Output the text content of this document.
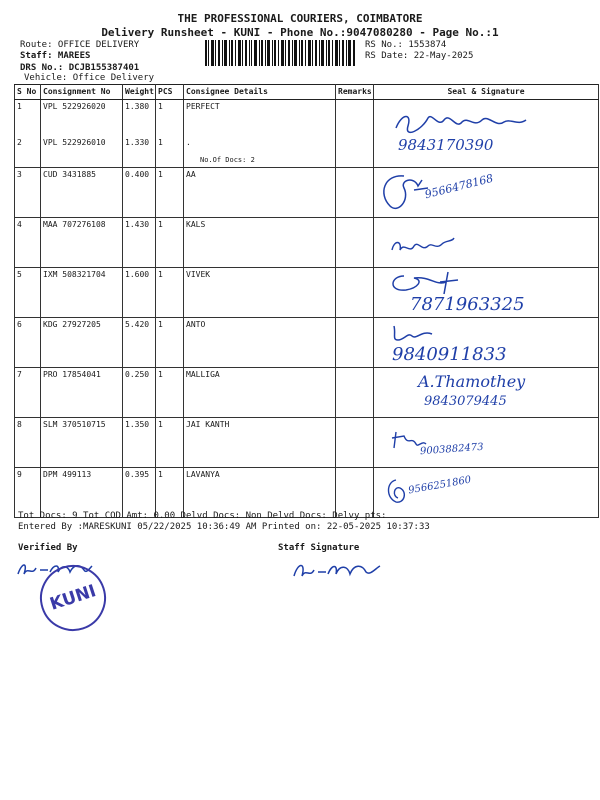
THE PROFESSIONAL COURIERS, COIMBATORE
Delivery Runsheet - KUNI - Phone No.:9047080280 - Page No.:1
Route: OFFICE DELIVERY
Staff: MAREES
DRS No.: DCJB155387401
Vehicle: Office Delivery
RS No.: 1553874
RS Date: 22-May-2025
S No	Consignment No	Weight	PCS	Consignee Details	Remarks	Seal & Signature
1	VPL 522926020	1.380	1	PERFECT		9843170390

2	VPL 522926010	1.330	1	.
No.Of Docs: 2		

3	CUD 3431885	0.400	1	AA		9566478168

4	MAA 707276108	1.430	1	KALS		

5	IXM 508321704	1.600	1	VIVEK		7871963325

6	KDG 27927205	5.420	1	ANTO		9840911833

7	PRO 17854041	0.250	1	MALLIGA		A.Thamothey
9843079445

8	SLM 370510715	1.350	1	JAI KANTH		9003882473

9	DPM 499113	0.395	1	LAVANYA		9566251860
Tot Docs: 9 Tot COD Amt: 0.00 Delvd Docs: Non Delvd Docs: Delvy pts:
Entered By :MARESKUNI 05/22/2025 10:36:49 AM Printed on: 22-05-2025 10:37:33
Verified By	Staff Signature
KUNI
